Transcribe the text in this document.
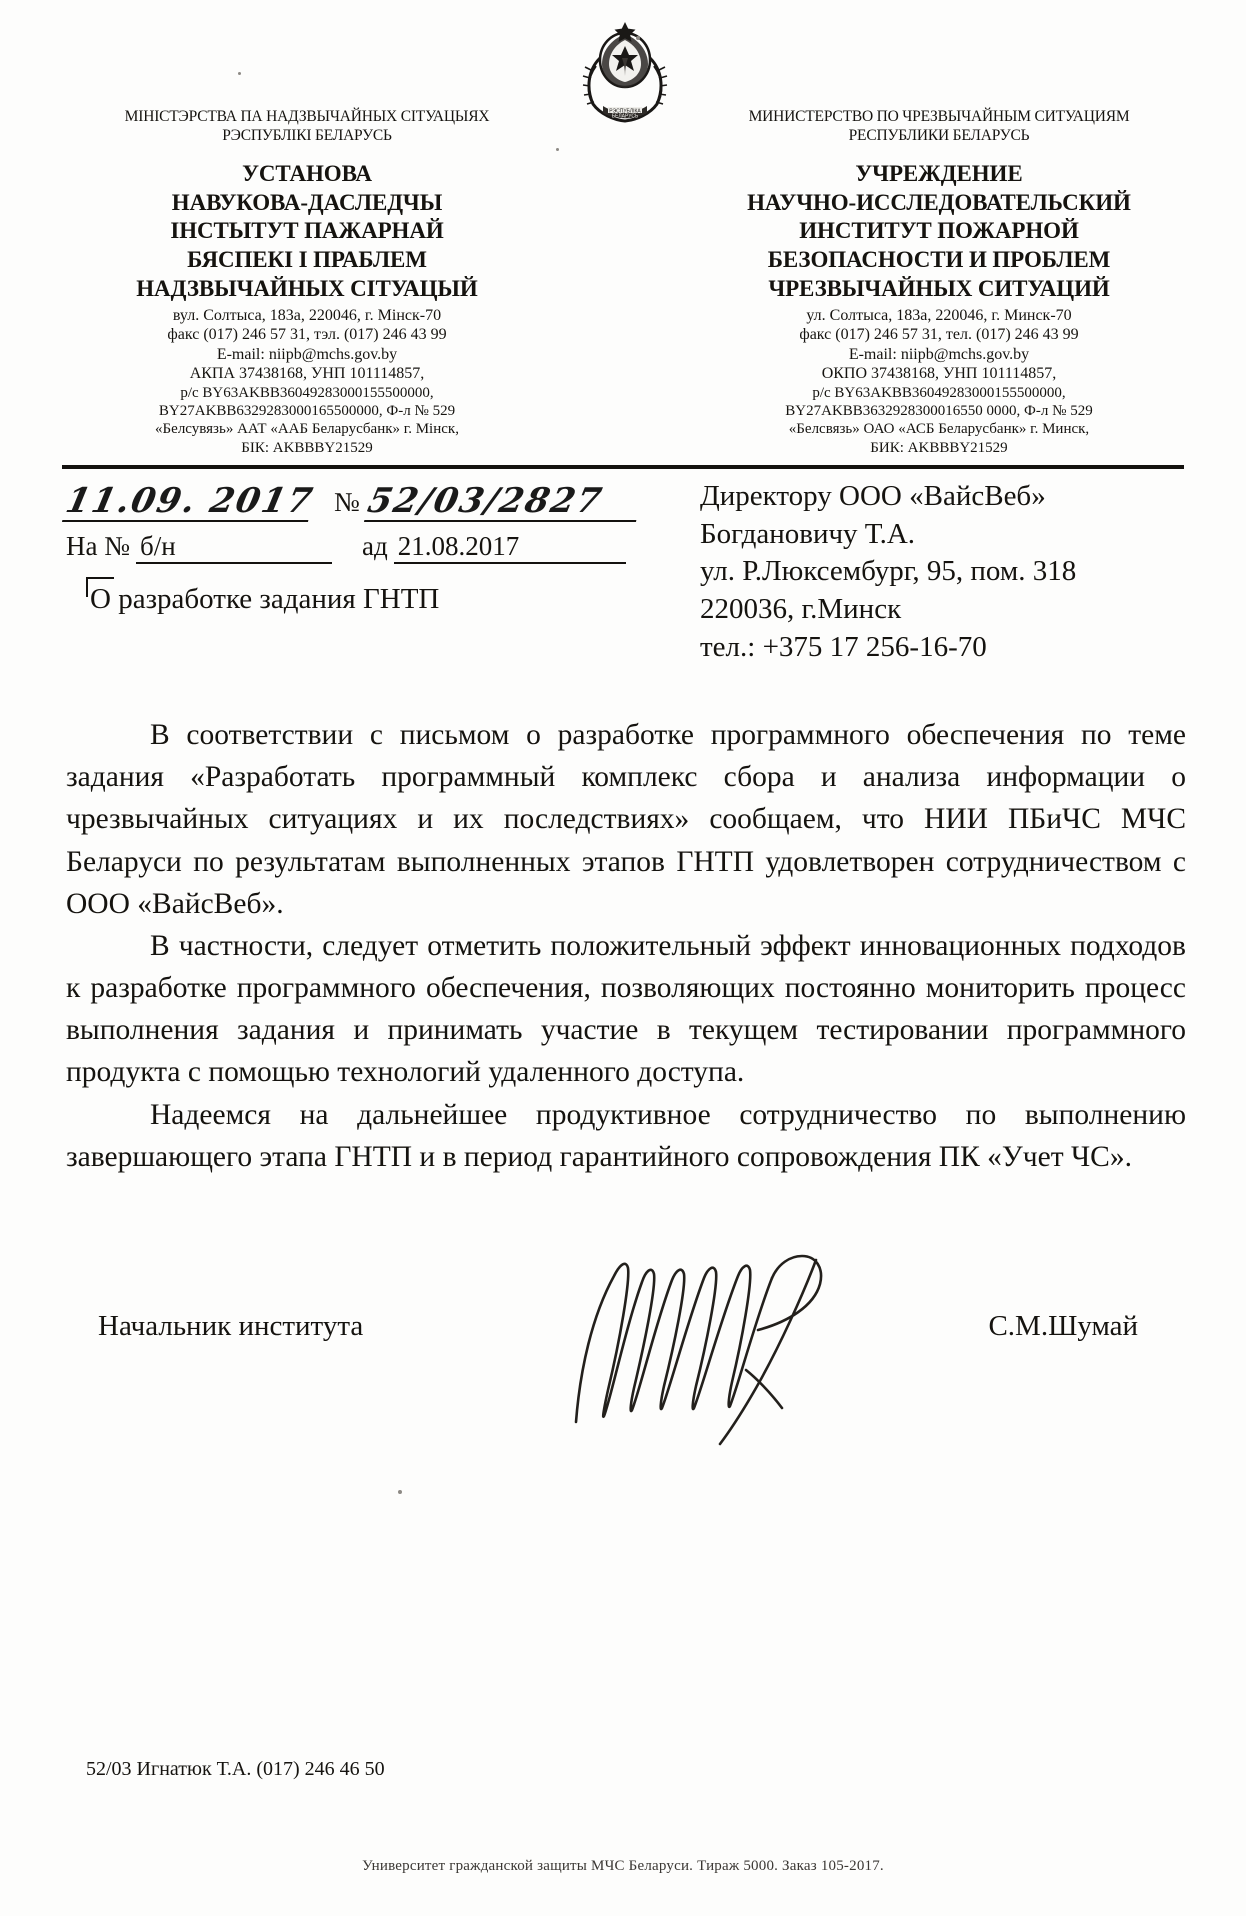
РЭСПУБЛІКА
БЕЛАРУСЬ
МІНІСТЭРСТВА ПА НАДЗВЫЧАЙНЫХ СІТУАЦЫЯХ
РЭСПУБЛІКІ БЕЛАРУСЬ
УСТАНОВА
НАВУКОВА-ДАСЛЕДЧЫ
ІНСТЫТУТ ПАЖАРНАЙ
БЯСПЕКІ І ПРАБЛЕМ
НАДЗВЫЧАЙНЫХ СІТУАЦЫЙ
вул. Солтыса, 183а, 220046, г. Мінск-70
факс (017) 246 57 31, тэл. (017) 246 43 99
E-mail: niipb@mchs.gov.by
АКПА 37438168, УНП 101114857,
р/с BY63AKBB36049283000155500000,
BY27AKBB6329283000165500000, Ф-л № 529
«Белсувязь» ААТ «ААБ Беларусбанк» г. Мінск,
БІК: AKBBBY21529
МИНИСТЕРСТВО ПО ЧРЕЗВЫЧАЙНЫМ СИТУАЦИЯМ
РЕСПУБЛИКИ БЕЛАРУСЬ
УЧРЕЖДЕНИЕ
НАУЧНО-ИССЛЕДОВАТЕЛЬСКИЙ
ИНСТИТУТ ПОЖАРНОЙ
БЕЗОПАСНОСТИ И ПРОБЛЕМ
ЧРЕЗВЫЧАЙНЫХ СИТУАЦИЙ
ул. Солтыса, 183а, 220046, г. Минск-70
факс (017) 246 57 31, тел. (017) 246 43 99
E-mail: niipb@mchs.gov.by
ОКПО 37438168, УНП 101114857,
р/с BY63AKBB36049283000155500000,
BY27AKBB3632928300016550 0000, Ф-л № 529
«Белсвязь» ОАО «АСБ Беларусбанк» г. Минск,
БИК: AKBBBY21529
11.09. 2017 № 52/03/2827
На № б/н	ад 21.08.2017
О разработке задания ГНТП
Директору ООО «ВайсВеб»
Богдановичу Т.А.
ул. Р.Люксембург, 95, пом. 318
220036, г.Минск
тел.: +375 17 256-16-70

В соответствии с письмом о разработке программного обеспечения по теме задания «Разработать программный комплекс сбора и анализа информации о чрезвычайных ситуациях и их последствиях» сообщаем, что НИИ ПБиЧС МЧС Беларуси по результатам выполненных этапов ГНТП удовлетворен сотрудничеством с ООО «ВайсВеб».

В частности, следует отметить положительный эффект инновационных подходов к разработке программного обеспечения, позволяющих постоянно мониторить процесс выполнения задания и принимать участие в текущем тестировании программного продукта с помощью технологий удаленного доступа.

Надеемся на дальнейшее продуктивное сотрудничество по выполнению завершающего этапа ГНТП и в период гарантийного сопровождения ПК «Учет ЧС».

Начальник института	С.М.Шумай
52/03 Игнатюк Т.А. (017) 246 46 50
Университет гражданской защиты МЧС Беларуси. Тираж 5000. Заказ 105-2017.
